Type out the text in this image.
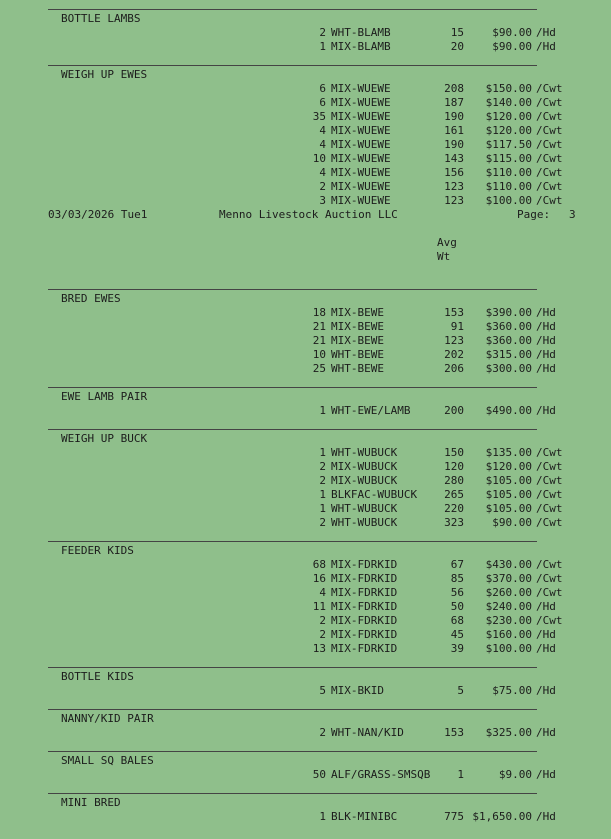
03/03/2026 Tue1	Menno Livestock Auction LLC	Page: 3
Avg
Wt
BOTTLE LAMBS
2 WHT-BLAMB	15	$90.00 /Hd
1 MIX-BLAMB	20	$90.00 /Hd
WEIGH UP EWES
6 MIX-WUEWE	208	$150.00 /Cwt
6 MIX-WUEWE	187	$140.00 /Cwt
35 MIX-WUEWE	190	$120.00 /Cwt
4 MIX-WUEWE	161	$120.00 /Cwt
4 MIX-WUEWE	190	$117.50 /Cwt
10 MIX-WUEWE	143	$115.00 /Cwt
4 MIX-WUEWE	156	$110.00 /Cwt
2 MIX-WUEWE	123	$110.00 /Cwt
3 MIX-WUEWE	123	$100.00 /Cwt
BRED EWES
18 MIX-BEWE	153	$390.00 /Hd
21 MIX-BEWE	91	$360.00 /Hd
21 MIX-BEWE	123	$360.00 /Hd
10 WHT-BEWE	202	$315.00 /Hd
25 WHT-BEWE	206	$300.00 /Hd
EWE LAMB PAIR
1 WHT-EWE/LAMB	200	$490.00 /Hd
WEIGH UP BUCK
1 WHT-WUBUCK	150	$135.00 /Cwt
2 MIX-WUBUCK	120	$120.00 /Cwt
2 MIX-WUBUCK	280	$105.00 /Cwt
1 BLKFAC-WUBUCK	265	$105.00 /Cwt
1 WHT-WUBUCK	220	$105.00 /Cwt
2 WHT-WUBUCK	323	$90.00 /Cwt
FEEDER KIDS
68 MIX-FDRKID	67	$430.00 /Cwt
16 MIX-FDRKID	85	$370.00 /Cwt
4 MIX-FDRKID	56	$260.00 /Cwt
11 MIX-FDRKID	50	$240.00 /Hd
2 MIX-FDRKID	68	$230.00 /Cwt
2 MIX-FDRKID	45	$160.00 /Hd
13 MIX-FDRKID	39	$100.00 /Hd
BOTTLE KIDS
5 MIX-BKID	5	$75.00 /Hd
NANNY/KID PAIR
2 WHT-NAN/KID	153	$325.00 /Hd
SMALL SQ BALES
50 ALF/GRASS-SMSQB	1	$9.00 /Hd
MINI BRED
1 BLK-MINIBC	775 $1,650.00 /Hd
